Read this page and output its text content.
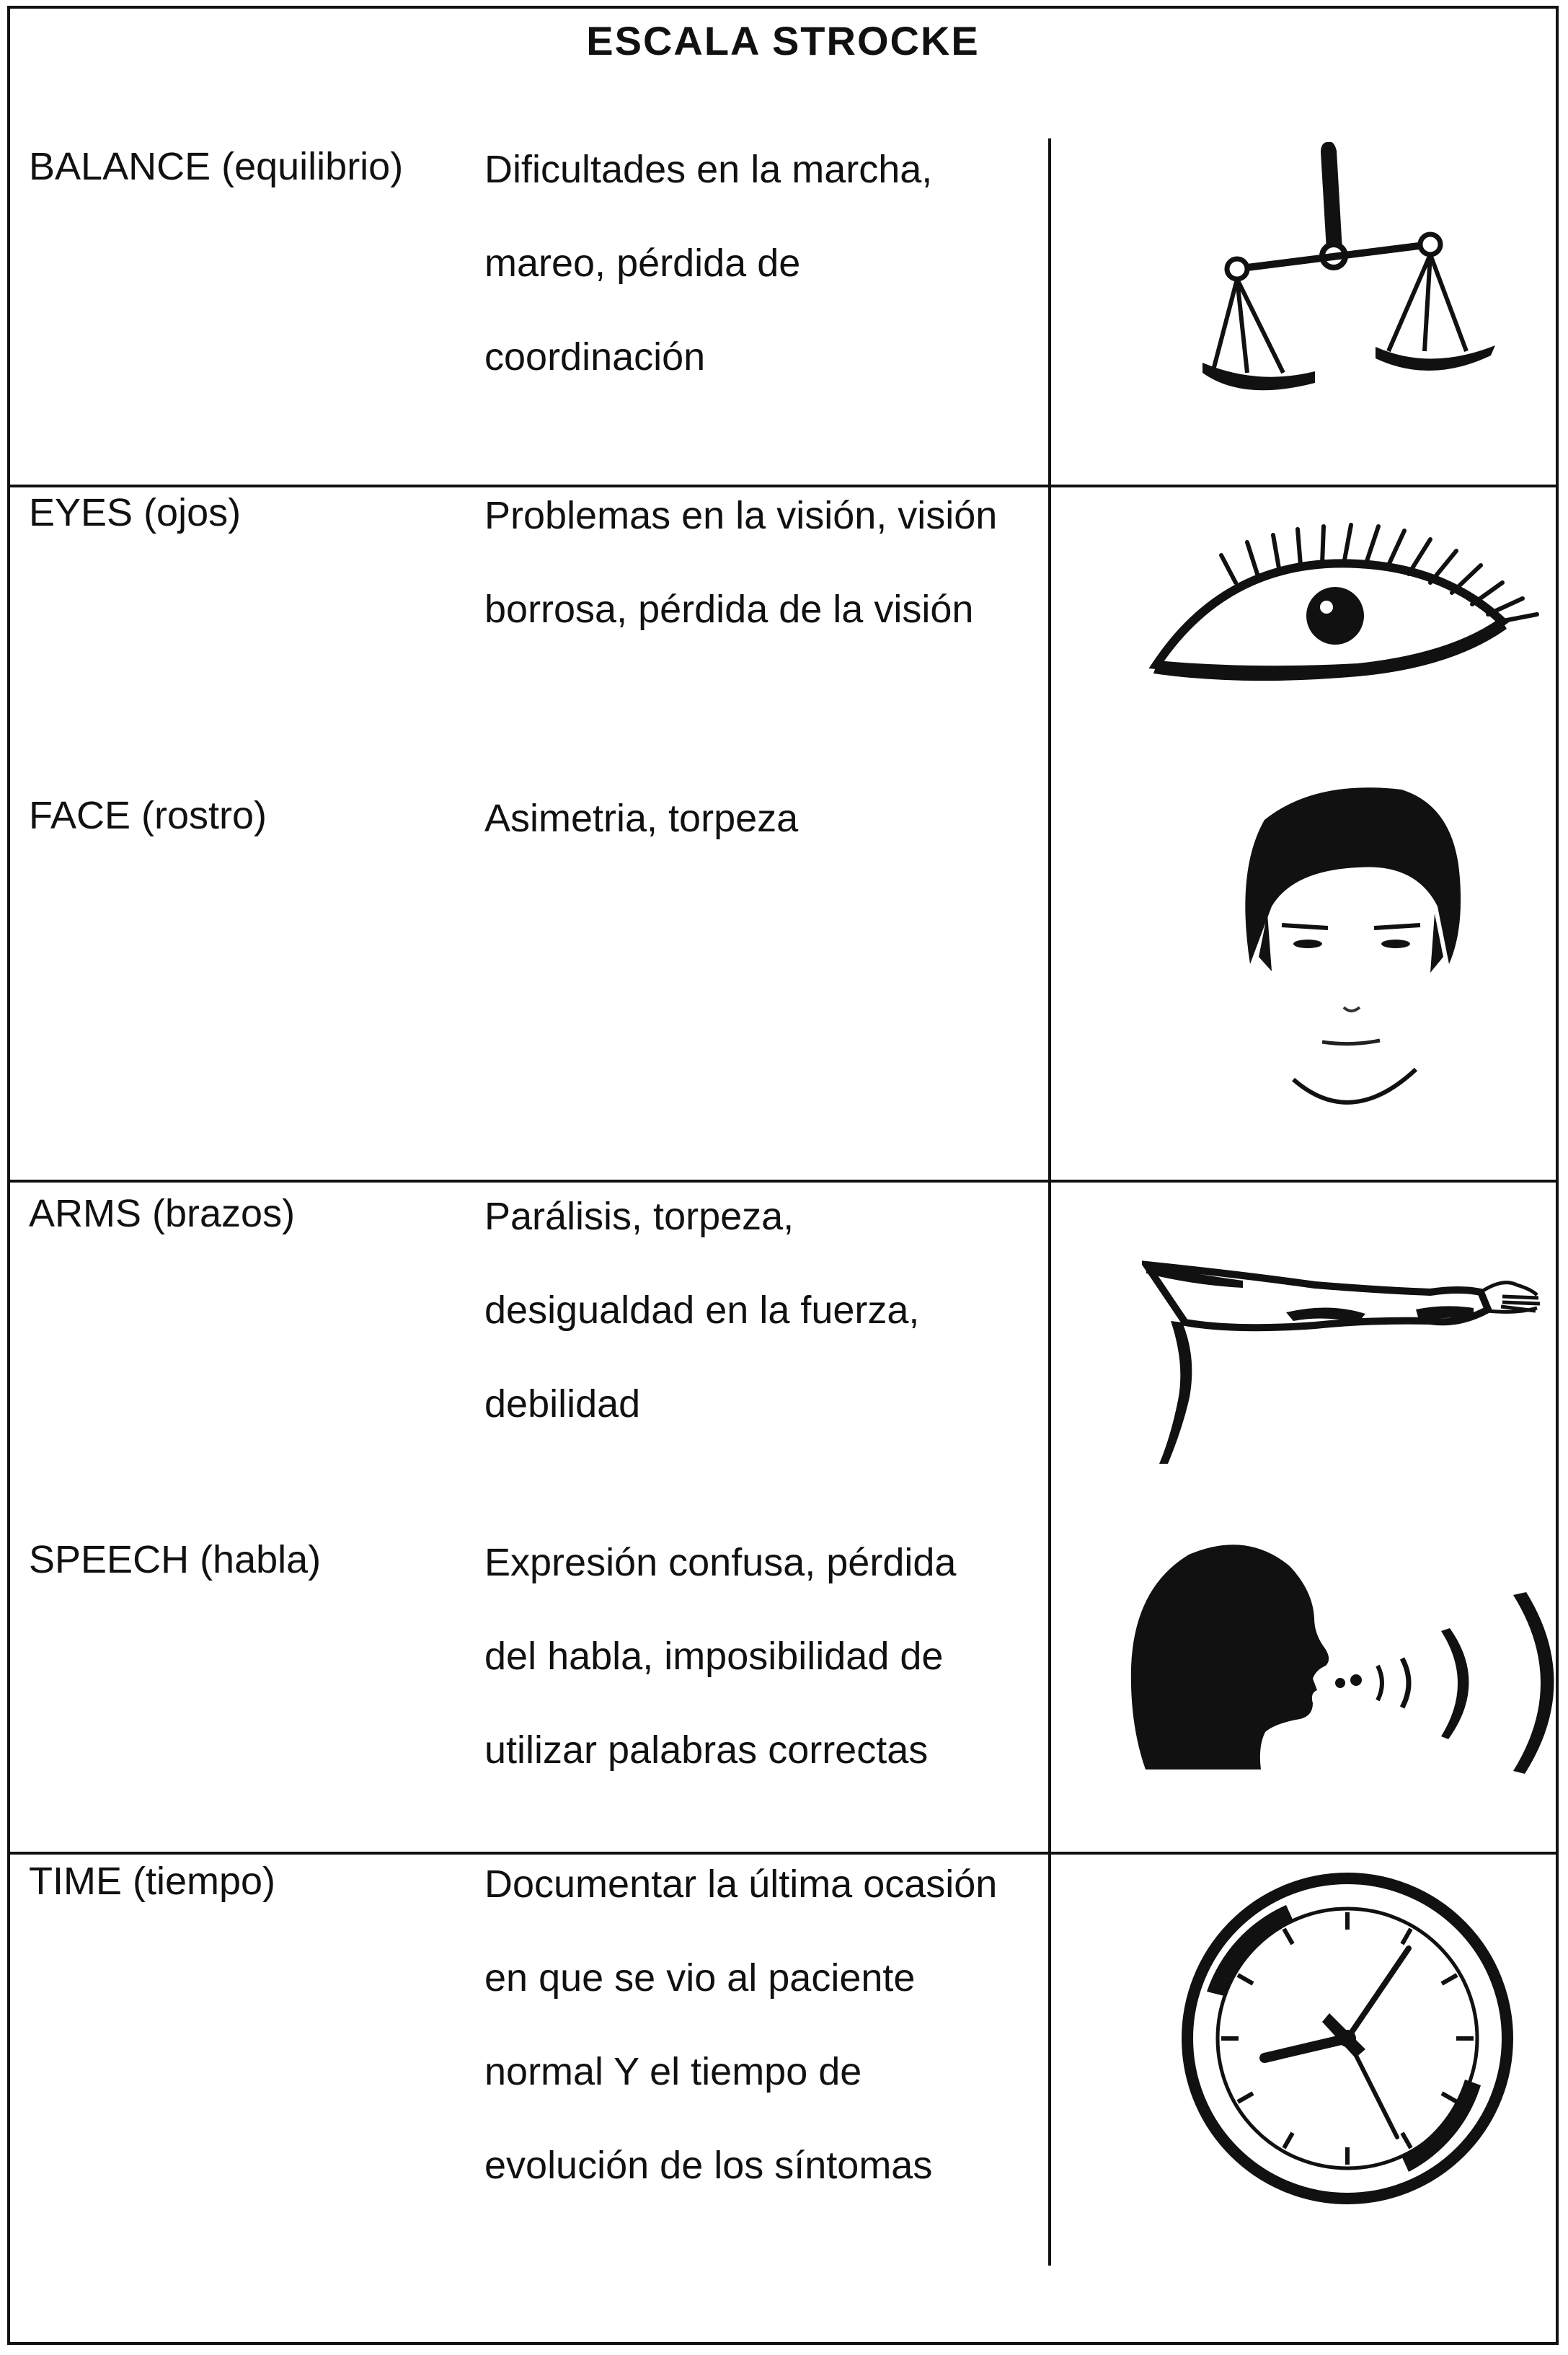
ESCALA STROCKE
BALANCE (equilibrio) Dificultades en la marcha,
mareo, pérdida de
coordinación
EYES (ojos)	Problemas en la visión, visión
borrosa, pérdida de la visión
FACE (rostro)	Asimetria, torpeza
ARMS (brazos)	Parálisis, torpeza,
desigualdad en la fuerza,
debilidad
SPEECH (habla)	Expresión confusa, pérdida
del habla, imposibilidad de
utilizar palabras correctas
TIME (tiempo)	Documentar la última ocasión
en que se vio al paciente
normal Y el tiempo de
evolución de los síntomas
